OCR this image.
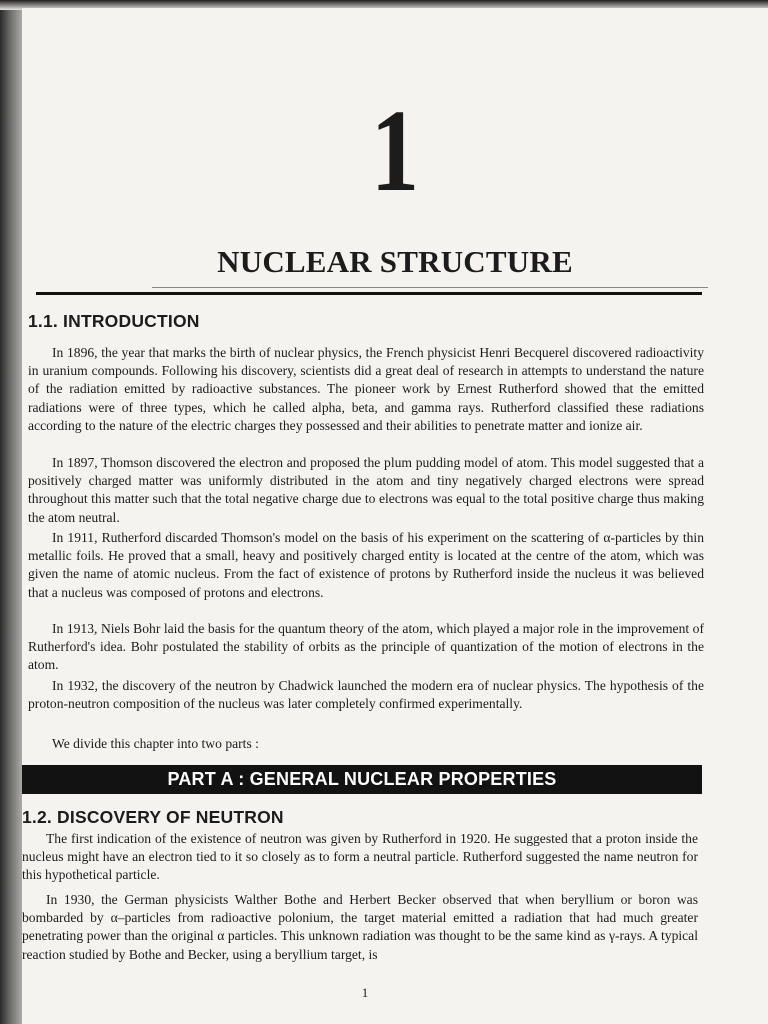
1
NUCLEAR STRUCTURE
1.1. INTRODUCTION

In 1896, the year that marks the birth of nuclear physics, the French physicist Henri Becquerel discovered radioactivity in uranium compounds. Following his discovery, scientists did a great deal of research in attempts to understand the nature of the radiation emitted by radioactive substances. The pioneer work by Ernest Rutherford showed that the emitted radiations were of three types, which he called alpha, beta, and gamma rays. Rutherford classified these radiations according to the nature of the electric charges they possessed and their abilities to penetrate matter and ionize air.

In 1897, Thomson discovered the electron and proposed the plum pudding model of atom. This model suggested that a positively charged matter was uniformly distributed in the atom and tiny negatively charged electrons were spread throughout this matter such that the total negative charge due to electrons was equal to the total positive charge thus making the atom neutral.

In 1911, Rutherford discarded Thomson's model on the basis of his experiment on the scattering of α-particles by thin metallic foils. He proved that a small, heavy and positively charged entity is located at the centre of the atom, which was given the name of atomic nucleus. From the fact of existence of protons by Rutherford inside the nucleus it was believed that a nucleus was composed of protons and electrons.

In 1913, Niels Bohr laid the basis for the quantum theory of the atom, which played a major role in the improvement of Rutherford's idea. Bohr postulated the stability of orbits as the principle of quantization of the motion of electrons in the atom.

In 1932, the discovery of the neutron by Chadwick launched the modern era of nuclear physics. The hypothesis of the proton-neutron composition of the nucleus was later completely confirmed experimentally.

We divide this chapter into two parts :

PART A : GENERAL NUCLEAR PROPERTIES
1.2. DISCOVERY OF NEUTRON

The first indication of the existence of neutron was given by Rutherford in 1920. He suggested that a proton inside the nucleus might have an electron tied to it so closely as to form a neutral particle. Rutherford suggested the name neutron for this hypothetical particle.

In 1930, the German physicists Walther Bothe and Herbert Becker observed that when beryllium or boron was bombarded by α–particles from radioactive polonium, the target material emitted a radiation that had much greater penetrating power than the original α particles. This unknown radiation was thought to be the same kind as γ-rays. A typical reaction studied by Bothe and Becker, using a beryllium target, is

1
